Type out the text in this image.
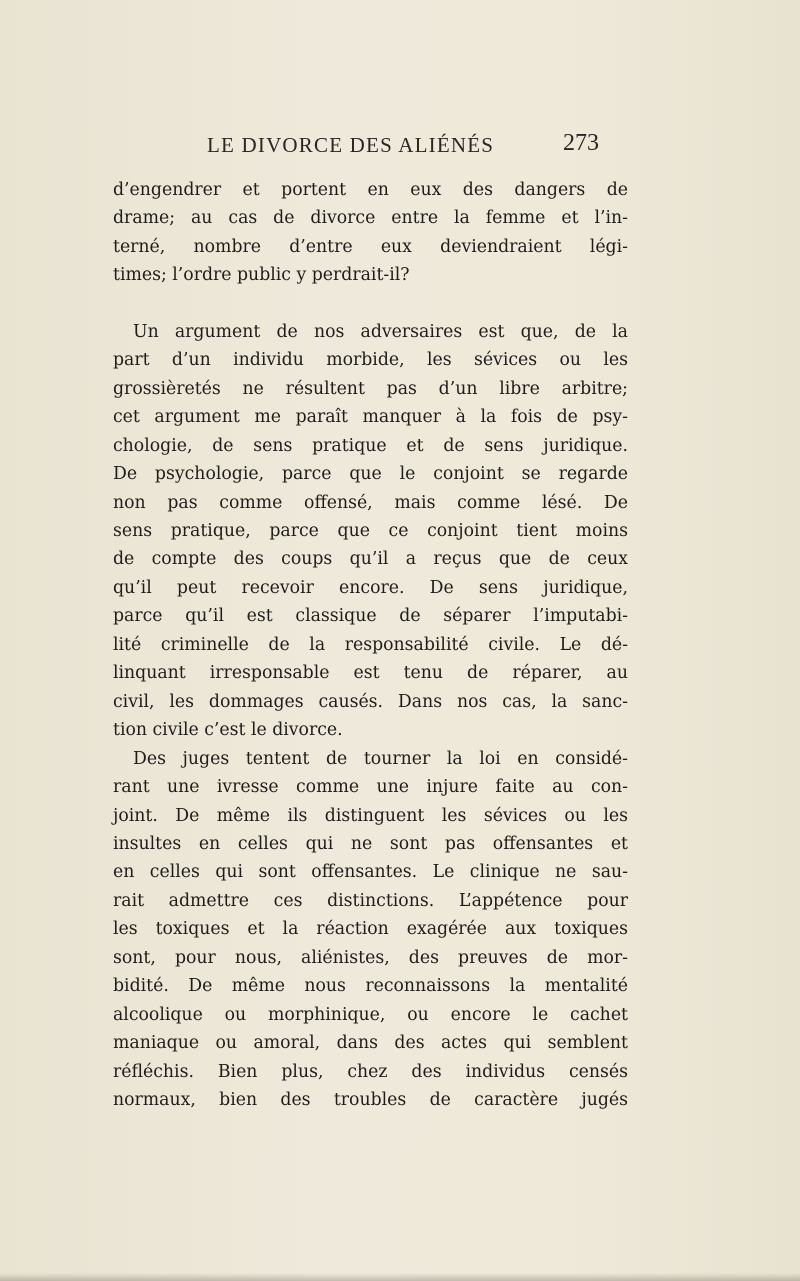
LE DIVORCE DES ALIÉNÉS	273
d’engendrer et portent en eux des dangers de
drame; au cas de divorce entre la femme et l’in-
terné, nombre d’entre eux deviendraient légi-
times; l’ordre public y perdrait-il?
Un argument de nos adversaires est que, de la
part d’un individu morbide, les sévices ou les
grossièretés ne résultent pas d’un libre arbitre;
cet argument me paraît manquer à la fois de psy-
chologie, de sens pratique et de sens juridique.
De psychologie, parce que le conjoint se regarde
non pas comme offensé, mais comme lésé. De
sens pratique, parce que ce conjoint tient moins
de compte des coups qu’il a reçus que de ceux
qu’il peut recevoir encore. De sens juridique,
parce qu’il est classique de séparer l’imputabi-
lité criminelle de la responsabilité civile. Le dé-
linquant irresponsable est tenu de réparer, au
civil, les dommages causés. Dans nos cas, la sanc-
tion civile c’est le divorce.
Des juges tentent de tourner la loi en considé-
rant une ivresse comme une injure faite au con-
joint. De même ils distinguent les sévices ou les
insultes en celles qui ne sont pas offensantes et
en celles qui sont offensantes. Le clinique ne sau-
rait admettre ces distinctions. L’appétence pour
les toxiques et la réaction exagérée aux toxiques
sont, pour nous, aliénistes, des preuves de mor-
bidité. De même nous reconnaissons la mentalité
alcoolique ou morphinique, ou encore le cachet
maniaque ou amoral, dans des actes qui semblent
réfléchis. Bien plus, chez des individus censés
normaux, bien des troubles de caractère jugés
